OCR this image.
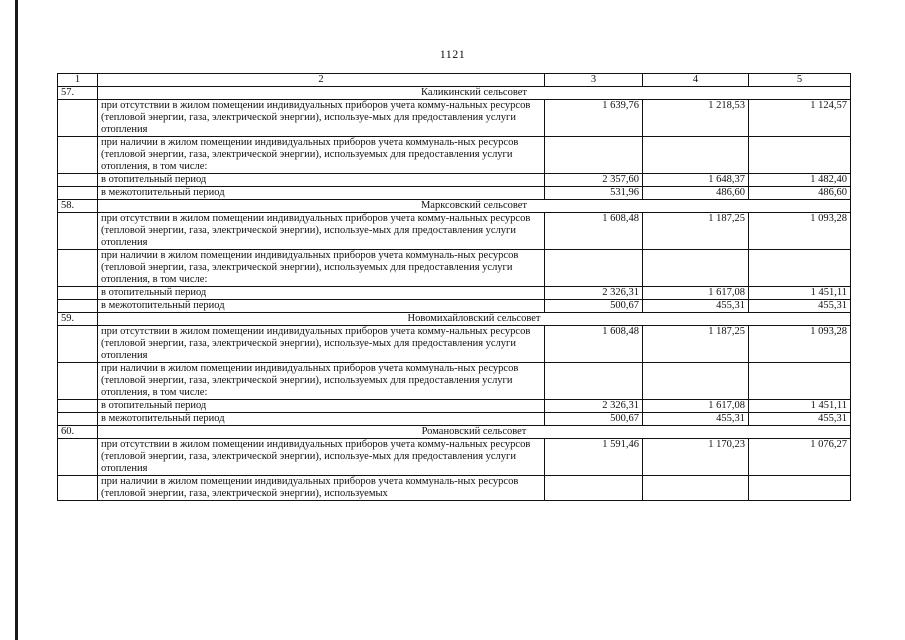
1121
1	2	3	4	5
57.	Каликинский сельсовет			
	при отсутствии в жилом помещении индивидуальных приборов учета комму-нальных ресурсов (тепловой энергии, газа, электрической энергии), используе-мых для предоставления услуги отопления	1 639,76	1 218,53	1 124,57
	при наличии в жилом помещении индивидуальных приборов учета коммуналь-ных ресурсов (тепловой энергии, газа, электрической энергии), используемых для предоставления услуги отопления, в том числе:			
	в отопительный период	2 357,60	1 648,37	1 482,40
	в межотопительный период	531,96	486,60	486,60
58.	Марксовский сельсовет			
	при отсутствии в жилом помещении индивидуальных приборов учета комму-нальных ресурсов (тепловой энергии, газа, электрической энергии), используе-мых для предоставления услуги отопления	1 608,48	1 187,25	1 093,28
	при наличии в жилом помещении индивидуальных приборов учета коммуналь-ных ресурсов (тепловой энергии, газа, электрической энергии), используемых для предоставления услуги отопления, в том числе:			
	в отопительный период	2 326,31	1 617,08	1 451,11
	в межотопительный период	500,67	455,31	455,31
59.	Новомихайловский сельсовет			
	при отсутствии в жилом помещении индивидуальных приборов учета комму-нальных ресурсов (тепловой энергии, газа, электрической энергии), используе-мых для предоставления услуги отопления	1 608,48	1 187,25	1 093,28
	при наличии в жилом помещении индивидуальных приборов учета коммуналь-ных ресурсов (тепловой энергии, газа, электрической энергии), используемых для предоставления услуги отопления, в том числе:			
	в отопительный период	2 326,31	1 617,08	1 451,11
	в межотопительный период	500,67	455,31	455,31
60.	Романовский сельсовет			
	при отсутствии в жилом помещении индивидуальных приборов учета комму-нальных ресурсов (тепловой энергии, газа, электрической энергии), используе-мых для предоставления услуги отопления	1 591,46	1 170,23	1 076,27
	при наличии в жилом помещении индивидуальных приборов учета коммуналь-ных ресурсов (тепловой энергии, газа, электрической энергии), используемых			
